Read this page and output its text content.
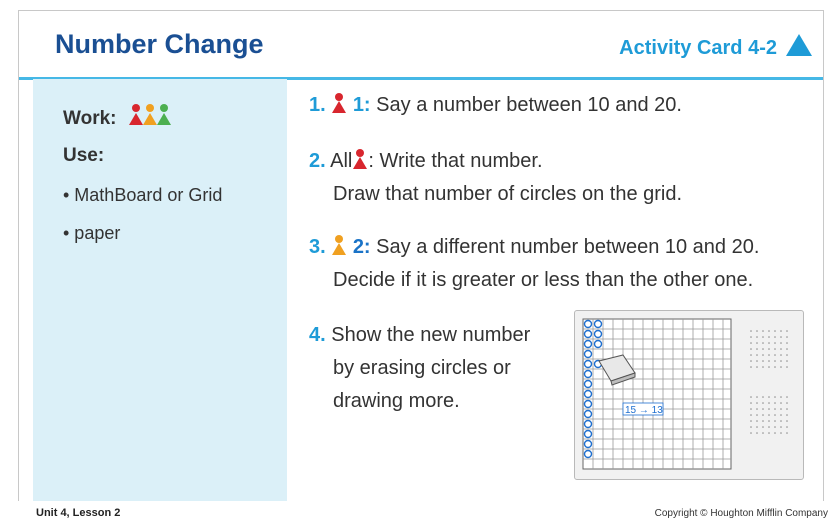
Number Change	Activity Card 4-2
Work:
Use:
• MathBoard or Grid
• paper
1. 1: Say a number between 10 and 20.
2. All : Write that number.
Draw that number of circles on the grid.
3. 2: Say a different number between 10 and 20.
Decide if it is greater or less than the other one.
4. Show the new number
by erasing circles or
drawing more.	15 → 13
Unit 4, Lesson 2	Copyright © Houghton Mifflin Company
